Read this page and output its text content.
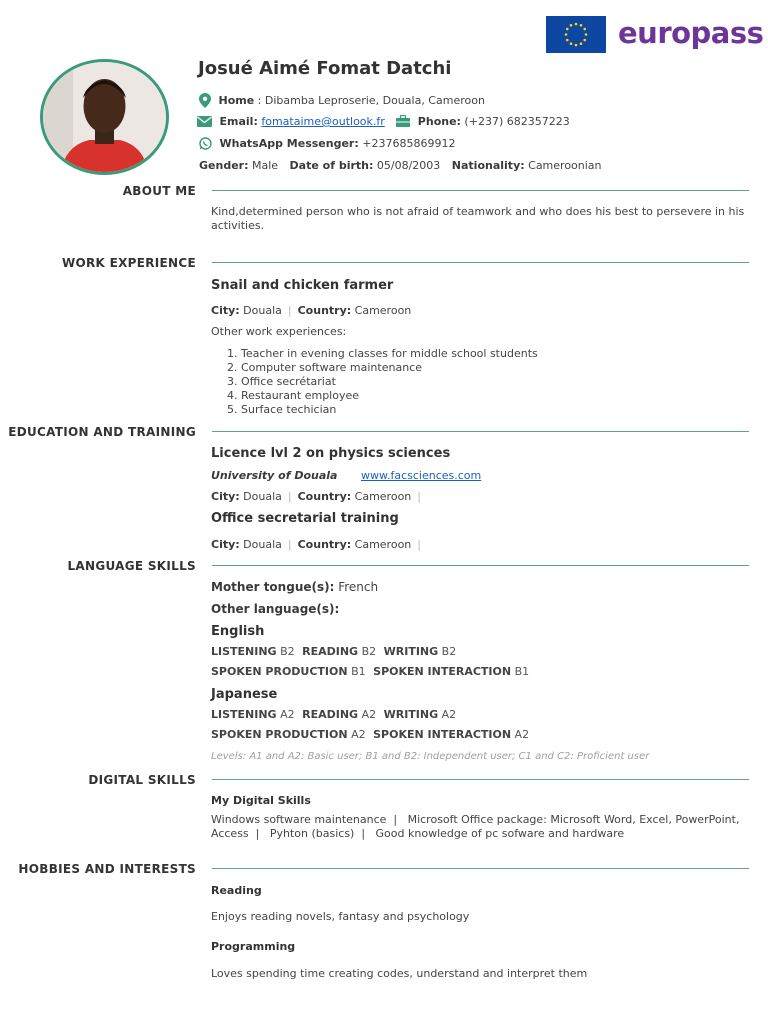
europass
Josué Aimé Fomat Datchi
Home : Dibamba Leproserie, Douala, Cameroon
Email: fomataime@outlook.fr	Phone: (+237) 682357223
WhatsApp Messenger: +237685869912
Gender: Male Date of birth: 05/08/2003 Nationality: Cameroonian
ABOUT ME
Kind,determined person who is not afraid of teamwork and who does his best to persevere in his activities.
WORK EXPERIENCE
Snail and chicken farmer
City: Douala | Country: Cameroon
Other work experiences:
1. Teacher in evening classes for middle school students
2. Computer software maintenance
3. Office secrétariat
4. Restaurant employee
5. Surface techician
EDUCATION AND TRAINING
Licence lvl 2 on physics sciences
University of Douala www.facsciences.com
City: Douala | Country: Cameroon |
Office secretarial training
City: Douala | Country: Cameroon |
LANGUAGE SKILLS
Mother tongue(s): French
Other language(s):
English
LISTENING B2 READING B2 WRITING B2
SPOKEN PRODUCTION B1 SPOKEN INTERACTION B1
Japanese
LISTENING A2 READING A2 WRITING A2
SPOKEN PRODUCTION A2 SPOKEN INTERACTION A2
Levels: A1 and A2: Basic user; B1 and B2: Independent user; C1 and C2: Proficient user
DIGITAL SKILLS
My Digital Skills
Windows software maintenance  |   Microsoft Office package: Microsoft Word, Excel, PowerPoint,
Access  |   Pyhton (basics)  |   Good knowledge of pc sofware and hardware
HOBBIES AND INTERESTS
Reading
Enjoys reading novels, fantasy and psychology
Programming
Loves spending time creating codes, understand and interpret them
